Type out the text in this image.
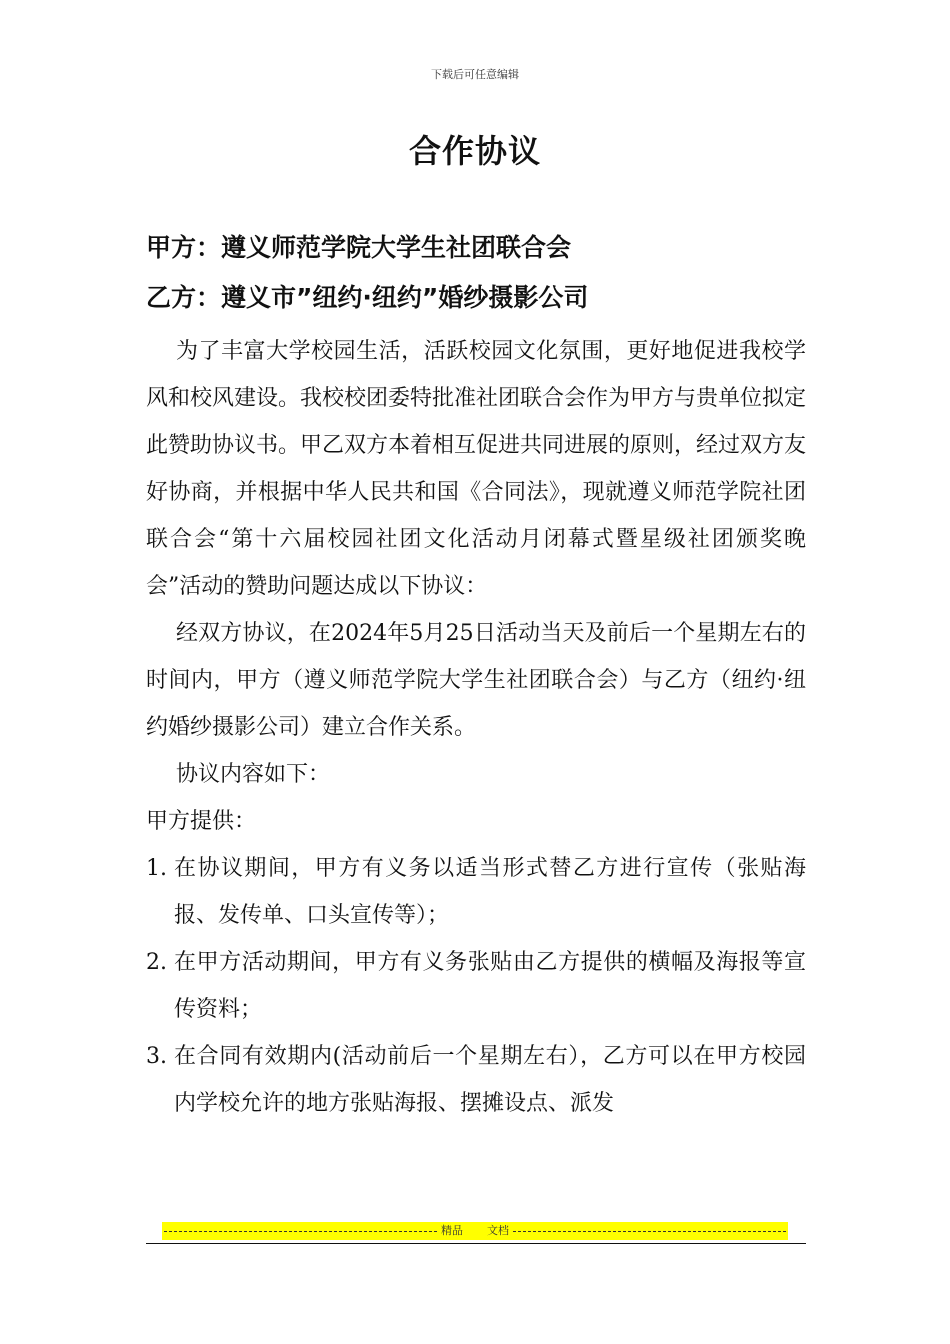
下载后可任意编辑
合作协议
甲方：遵义师范学院大学生社团联合会
乙方：遵义市”纽约·纽约”婚纱摄影公司

为了丰富大学校园生活，活跃校园文化氛围，更好地促进我校学风和校风建设。我校校团委特批准社团联合会作为甲方与贵单位拟定此赞助协议书。甲乙双方本着相互促进共同进展的原则，经过双方友好协商，并根据中华人民共和国《合同法》，现就遵义师范学院社团联合会“第十六届校园社团文化活动月闭幕式暨星级社团颁奖晚会”活动的赞助问题达成以下协议：

经双方协议，在2024年5月25日活动当天及前后一个星期左右的时间内，甲方（遵义师范学院大学生社团联合会）与乙方（纽约·纽约婚纱摄影公司）建立合作关系。

协议内容如下：

甲方提供：

1. 在协议期间，甲方有义务以适当形式替乙方进行宣传（张贴海报、发传单、口头宣传等）；
2. 在甲方活动期间，甲方有义务张贴由乙方提供的横幅及海报等宣传资料；
3. 在合同有效期内(活动前后一个星期左右），乙方可以在甲方校园内学校允许的地方张贴海报、摆摊设点、派发
精品 文档
